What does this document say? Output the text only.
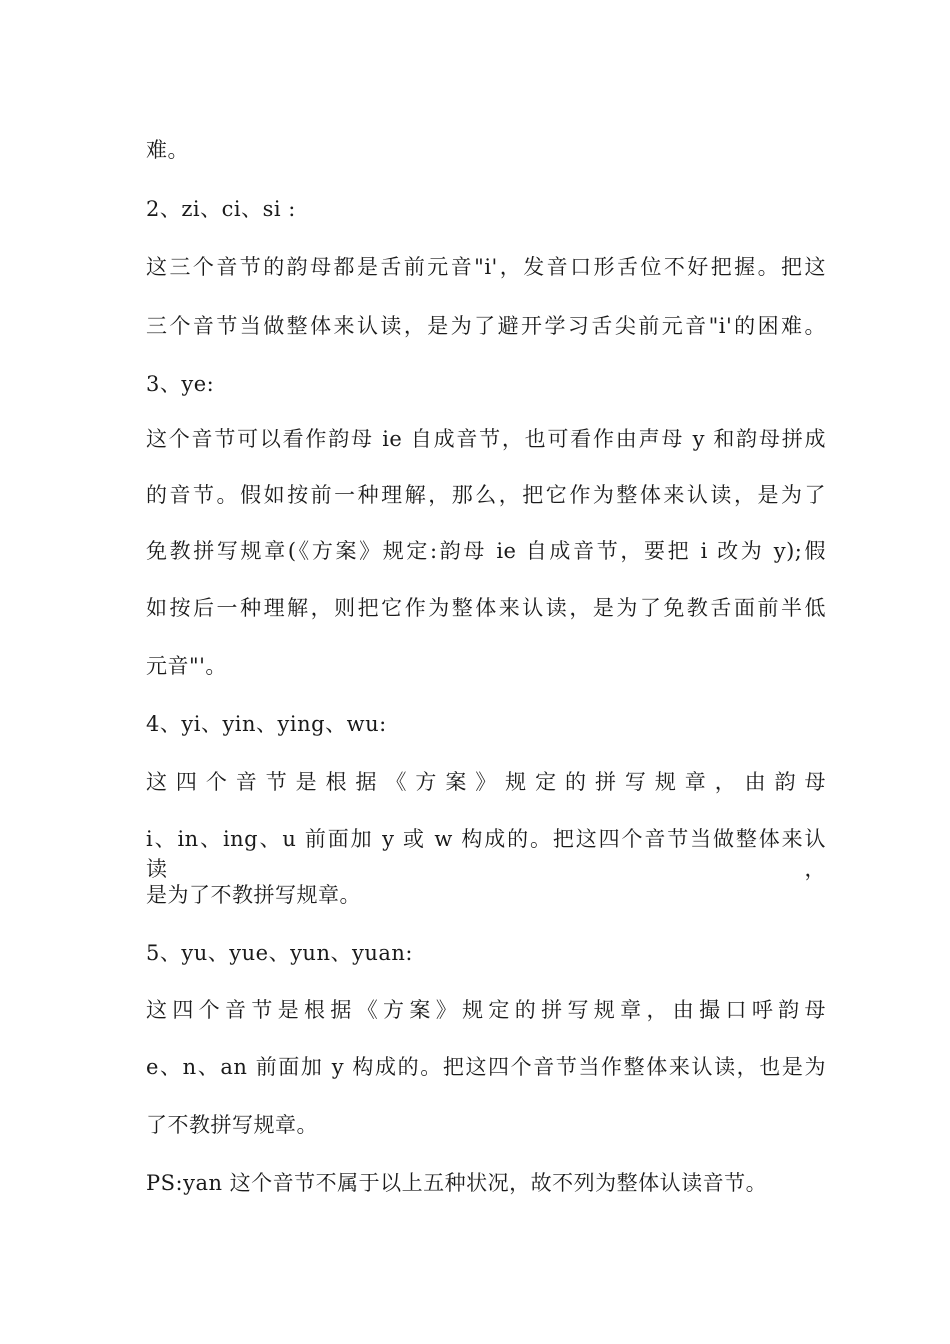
难。
2、zi、ci、si :
这三个音节的韵母都是舌前元音"i'，发音口形舌位不好把握。把这
三个音节当做整体来认读，是为了避开学习舌尖前元音"i'的困难。
3、ye:
这个音节可以看作韵母 ie 自成音节，也可看作由声母 y 和韵母拼成
的音节。假如按前一种理解，那么，把它作为整体来认读，是为了
免教拼写规章(《方案》规定:韵母 ie 自成音节，要把 i 改为 y);假
如按后一种理解，则把它作为整体来认读，是为了免教舌面前半低
元音"'。
4、yi、yin、ying、wu:
这 四 个 音 节 是 根 据 《 方 案 》 规 定 的 拼 写 规 章 ， 由 韵 母
i、in、ing、u 前面加 y 或 w 构成的。把这四个音节当做整体来认读，
是为了不教拼写规章。
5、yu、yue、yun、yuan:
这四个音节是根据《方案》规定的拼写规章，由撮口呼韵母
e、n、an 前面加 y 构成的。把这四个音节当作整体来认读，也是为
了不教拼写规章。
PS:yan 这个音节不属于以上五种状况，故不列为整体认读音节。
